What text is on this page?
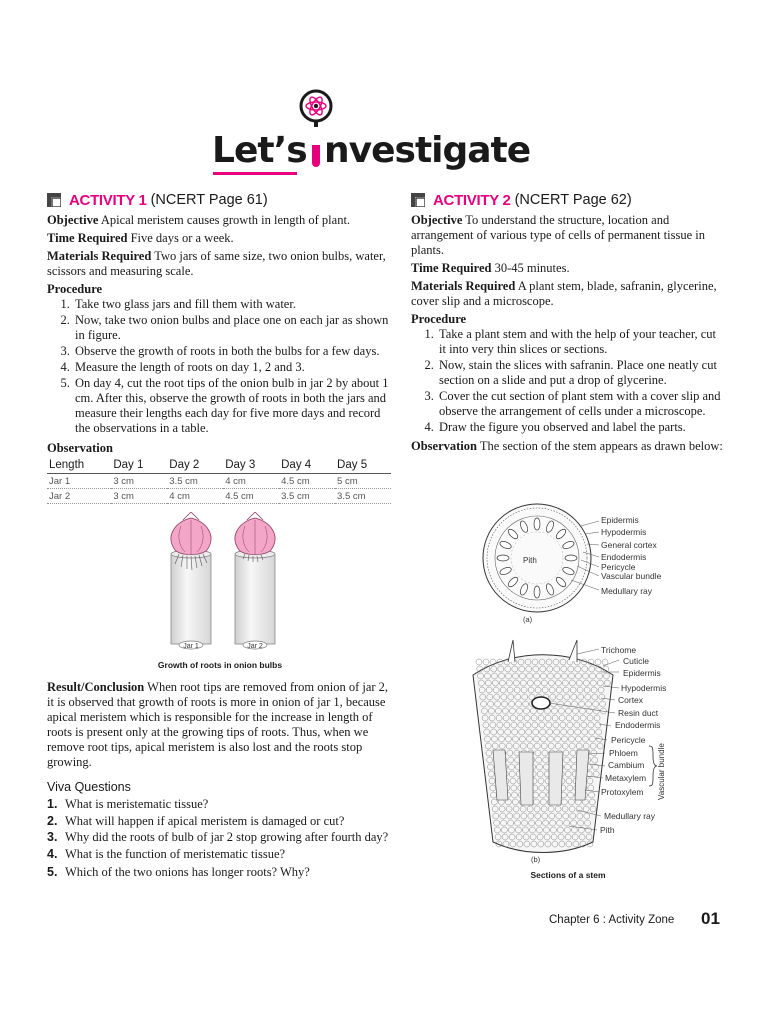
Let’s nvestigate
ACTIVITY 1 (NCERT Page 61)

Objective Apical meristem causes growth in length of plant.

Time Required Five days or a week.

Materials Required Two jars of same size, two onion bulbs, water, scissors and measuring scale.

Procedure
1. Take two glass jars and fill them with water.
2. Now, take two onion bulbs and place one on each jar as shown in figure.
3. Observe the growth of roots in both the bulbs for a few days.
4. Measure the length of roots on day 1, 2 and 3.
5. On day 4, cut the root tips of the onion bulb in jar 2 by about 1 cm. After this, observe the growth of roots in both the jars and measure their lengths each day for five more days and record the observations in a table.
Observation
Length	Day 1	Day 2	Day 3	Day 4	Day 5
Jar 1	3 cm	3.5 cm	4 cm	4.5 cm	5 cm
Jar 2	3 cm	4 cm	4.5 cm	3.5 cm	3.5 cm
Jar 1	Jar 2
Growth of roots in onion bulbs

Result/Conclusion When root tips are removed from onion of jar 2, it is observed that growth of roots is more in onion of jar 1, because apical meristem which is responsible for the increase in length of roots is present only at the growing tips of roots. Thus, when we remove root tips, apical meristem is also lost and the roots stop growing.

Viva Questions
1. What is meristematic tissue?
2. What will happen if apical meristem is damaged or cut?
3. Why did the roots of bulb of jar 2 stop growing after fourth day?
4. What is the function of meristematic tissue?
5. Which of the two onions has longer roots? Why?
ACTIVITY 2 (NCERT Page 62)

Objective To understand the structure, location and arrangement of various type of cells of permanent tissue in plants.

Time Required 30-45 minutes.

Materials Required A plant stem, blade, safranin, glycerine, cover slip and a microscope.

Procedure
1. Take a plant stem and with the help of your teacher, cut it into very thin slices or sections.
2. Now, stain the slices with safranin. Place one neatly cut section on a slide and put a drop of glycerine.
3. Cover the cut section of plant stem with a cover slip and observe the arrangement of cells under a microscope.
4. Draw the figure you observed and label the parts.

Observation The section of the stem appears as drawn below:

Pith
(a)
(b)
Vascular bundle
Epidermis
Hypodermis
General cortex
Endodermis
Pericycle
Vascular bundle
Medullary ray
Trichome
Cuticle
Epidermis
Hypodermis
Cortex
Resin duct
Endodermis
Pericycle
Phloem
Cambium
Metaxylem
Protoxylem
Medullary ray
Pith
Sections of a stem
Chapter 6 : Activity Zone 01
